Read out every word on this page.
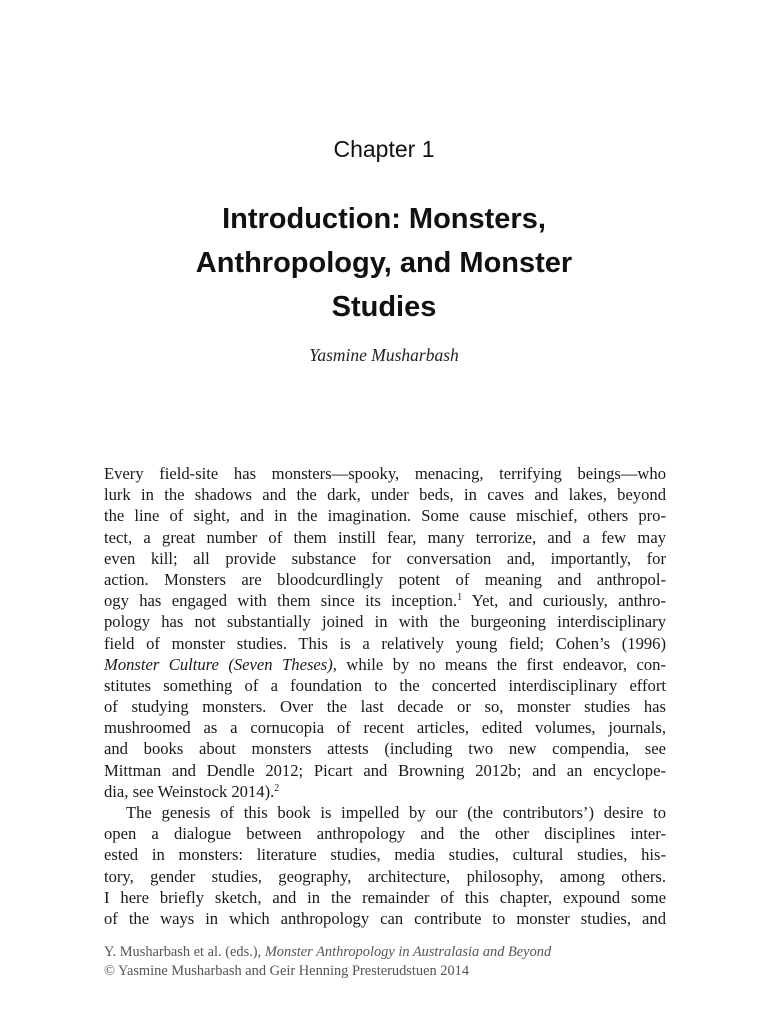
Chapter 1
Introduction: Monsters,
Anthropology, and Monster
Studies
Yasmine Musharbash
Every field-site has monsters—spooky, menacing, terrifying beings—who
lurk in the shadows and the dark, under beds, in caves and lakes, beyond
the line of sight, and in the imagination. Some cause mischief, others pro-
tect, a great number of them instill fear, many terrorize, and a few may
even kill; all provide substance for conversation and, importantly, for
action. Monsters are bloodcurdlingly potent of meaning and anthropol-
ogy has engaged with them since its inception.$^1$ Yet, and curiously, anthro-
pology has not substantially joined in with the burgeoning interdisciplinary
field of monster studies. This is a relatively young field; Cohen’s (1996)
Monster Culture (Seven Theses), while by no means the first endeavor, con-
stitutes something of a foundation to the concerted interdisciplinary effort
of studying monsters. Over the last decade or so, monster studies has
mushroomed as a cornucopia of recent articles, edited volumes, journals,
and books about monsters attests (including two new compendia, see
Mittman and Dendle 2012; Picart and Browning 2012b; and an encyclope-
dia, see Weinstock 2014).$^2$
The genesis of this book is impelled by our (the contributors’) desire to
open a dialogue between anthropology and the other disciplines inter-
ested in monsters: literature studies, media studies, cultural studies, his-
tory, gender studies, geography, architecture, philosophy, among others.
I here briefly sketch, and in the remainder of this chapter, expound some
of the ways in which anthropology can contribute to monster studies, and
Y. Musharbash et al. (eds.), Monster Anthropology in Australasia and Beyond
© Yasmine Musharbash and Geir Henning Presterudstuen 2014
